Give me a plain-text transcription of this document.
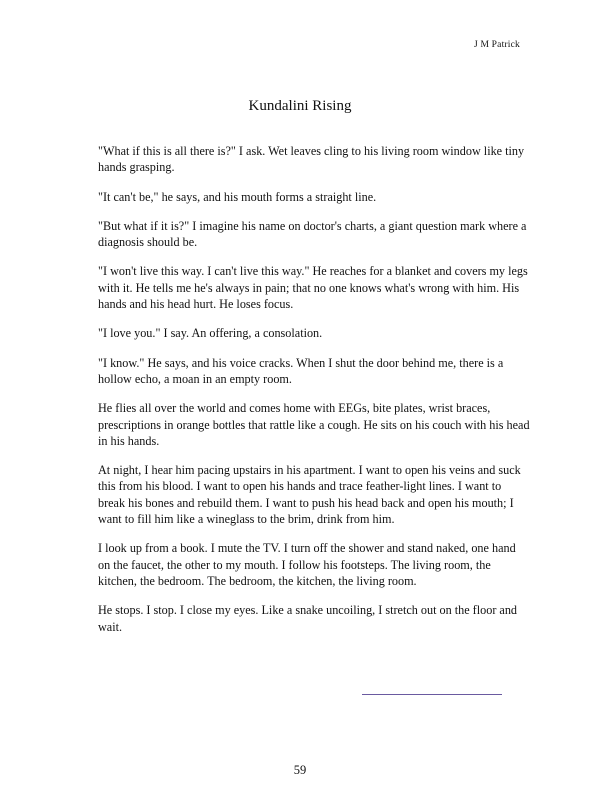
J M Patrick
Kundalini Rising

"What if this is all there is?" I ask. Wet leaves cling to his living room window like tiny hands grasping.

"It can't be," he says, and his mouth forms a straight line.

"But what if it is?" I imagine his name on doctor's charts, a giant question mark where a diagnosis should be.

"I won't live this way. I can't live this way." He reaches for a blanket and covers my legs with it. He tells me he's always in pain; that no one knows what's wrong with him. His hands and his head hurt. He loses focus.

"I love you." I say. An offering, a consolation.

"I know." He says, and his voice cracks. When I shut the door behind me, there is a hollow echo, a moan in an empty room.

He flies all over the world and comes home with EEGs, bite plates, wrist braces, prescriptions in orange bottles that rattle like a cough. He sits on his couch with his head in his hands.

At night, I hear him pacing upstairs in his apartment. I want to open his veins and suck this from his blood. I want to open his hands and trace feather-light lines. I want to break his bones and rebuild them. I want to push his head back and open his mouth; I want to fill him like a wineglass to the brim, drink from him.

I look up from a book. I mute the TV. I turn off the shower and stand naked, one hand on the faucet, the other to my mouth. I follow his footsteps. The living room, the kitchen, the bedroom. The bedroom, the kitchen, the living room.

He stops. I stop. I close my eyes. Like a snake uncoiling, I stretch out on the floor and wait.

59
